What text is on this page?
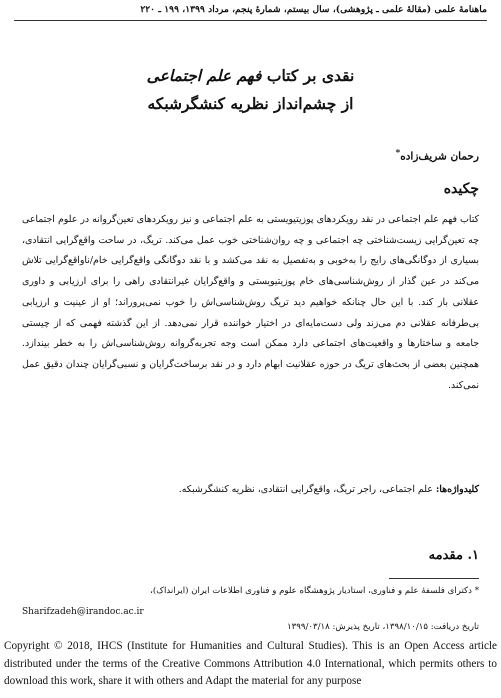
ماهنامهٔ علمی (مقالهٔ علمی ـ پژوهشی)، سال بیستم، شمارهٔ پنجم، مرداد ۱۳۹۹، ۱۹۹ ـ ۲۲۰
نقدی بر کتاب فهم علم اجتماعی
از چشم‌انداز نظریه کنشگرشبکه
رحمان شریف‌زاده*
چکیده
کتاب فهم علم اجتماعی در نقد رویکردهای پوزیتیویستی به علم اجتماعی و نیز رویکردهای تعین‌گروانه در علوم اجتماعی چه تعین‌گرایی زیست‌شناختی چه اجتماعی و چه روان‌شناختی خوب عمل می‌کند. تریگ، در ساحت واقع‌گرایی انتقادی، بسیاری از دوگانگی‌های رایج را به‌خوبی و به‌تفصیل به نقد می‌کشد و با نقد دوگانگی واقع‌گرایی خام/ناواقع‌گرایی تلاش می‌کند در عین گذار از روش‌شناسی‌های خام پوزیتیویستی و واقع‌گرایان غیرانتقادی راهی را برای ارزیابی و داوری عقلانی باز کند. با این حال چنانکه خواهیم دید تریگ روش‌شناسی‌اش را خوب نمی‌پروراند؛ او از عینیت و ارزیابی بی‌طرفانه عقلانی دم می‌زند ولی دست‌مایه‌ای در اختیار خواننده قرار نمی‌دهد. از این گذشته فهمی که از چیستی جامعه و ساختارها و واقعیت‌های اجتماعی دارد ممکن است وجه تجربه‌گروانه روش‌شناسی‌اش را به خطر بیندازد. همچنین بعضی از بحث‌های تریگ در حوزه عقلانیت ابهام دارد و در نقد برساخت‌گرایان و نسبی‌گرایان چندان دقیق عمل نمی‌کند.
کلیدواژه‌ها: علم اجتماعی، راجر تریگ، واقع‌گرایی انتقادی، نظریه کنشگرشبکه.
۱. مقدمه
* دکترای فلسفهٔ علم و فناوری، استادیار پژوهشگاه علوم و فناوری اطلاعات ایران (ایرانداک)،
Sharifzadeh@irandoc.ac.ir
تاریخ دریافت: ۱۳۹۸/۱۰/۱۵، تاریخ پذیرش: ۱۳۹۹/۰۳/۱۸
Copyright © 2018, IHCS (Institute for Humanities and Cultural Studies). This is an Open Access article distributed under the terms of the Creative Commons Attribution 4.0 International, which permits others to download this work, share it with others and Adapt the material for any purpose
